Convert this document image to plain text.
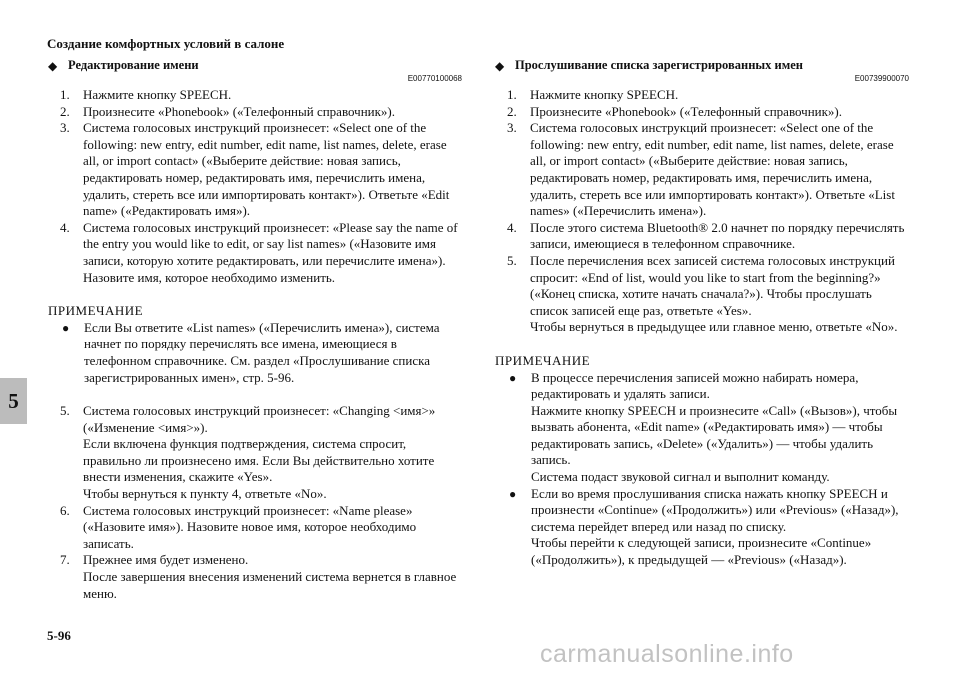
Создание комфортных условий в салоне
5
◆ Редактирование имени
E00770100068
1.	Нажмите кнопку SPEECH.
2.	Произнесите «Phonebook» («Телефонный справочник»).
3.	Система голосовых инструкций произнесет: «Select one of the following: new entry, edit number, edit name, list names, delete, erase all, or import contact» («Выберите действие: новая запись, редактировать номер, редактировать имя, перечислить имена, удалить, стереть все или импортировать контакт»). Ответьте «Edit name» («Редактировать имя»).
4.	Система голосовых инструкций произнесет: «Please say the name of the entry you would like to edit, or say list names» («Назовите имя записи, которую хотите редактировать, или перечислите имена»). Назовите имя, которое необходимо изменить.
ПРИМЕЧАНИЕ
●	Если Вы ответите «List names» («Перечислить имена»), система начнет по порядку перечислять все имена, имеющиеся в телефонном справочнике. См. раздел «Прослушивание списка зарегистрированных имен», стр. 5-96.
5.	Система голосовых инструкций произнесет: «Changing <имя>» («Изменение <имя>»).
Если включена функция подтверждения, система спросит, правильно ли произнесено имя. Если Вы действительно хотите внести изменения, скажите «Yes».
Чтобы вернуться к пункту 4, ответьте «No».
6.	Система голосовых инструкций произнесет: «Name please» («Назовите имя»). Назовите новое имя, которое необходимо записать.
7.	Прежнее имя будет изменено.
После завершения внесения изменений система вернется в главное меню.
◆ Прослушивание списка зарегистрированных имен
E00739900070
1.	Нажмите кнопку SPEECH.
2.	Произнесите «Phonebook» («Телефонный справочник»).
3.	Система голосовых инструкций произнесет: «Select one of the following: new entry, edit number, edit name, list names, delete, erase all, or import contact» («Выберите действие: новая запись, редактировать номер, редактировать имя, перечислить имена, удалить, стереть все или импортировать контакт»). Ответьте «List names» («Перечислить имена»).
4.	После этого система Bluetooth® 2.0 начнет по порядку перечислять записи, имеющиеся в телефонном справочнике.
5.	После перечисления всех записей система голосовых инструкций спросит: «End of list, would you like to start from the beginning?» («Конец списка, хотите начать сначала?»). Чтобы прослушать список записей еще раз, ответьте «Yes».
Чтобы вернуться в предыдущее или главное меню, ответьте «No».
ПРИМЕЧАНИЕ
●	В процессе перечисления записей можно набирать номера, редактировать и удалять записи.
Нажмите кнопку SPEECH и произнесите «Call» («Вызов»), чтобы вызвать абонента, «Edit name» («Редактировать имя») — чтобы редактировать запись, «Delete» («Удалить») — чтобы удалить запись.
Система подаст звуковой сигнал и выполнит команду.
●	Если во время прослушивания списка нажать кнопку SPEECH и произнести «Continue» («Продолжить») или «Previous» («Назад»), система перейдет вперед или назад по списку.
Чтобы перейти к следующей записи, произнесите «Continue» («Продолжить»), к предыдущей — «Previous» («Назад»).
5-96
carmanualsonline.info
